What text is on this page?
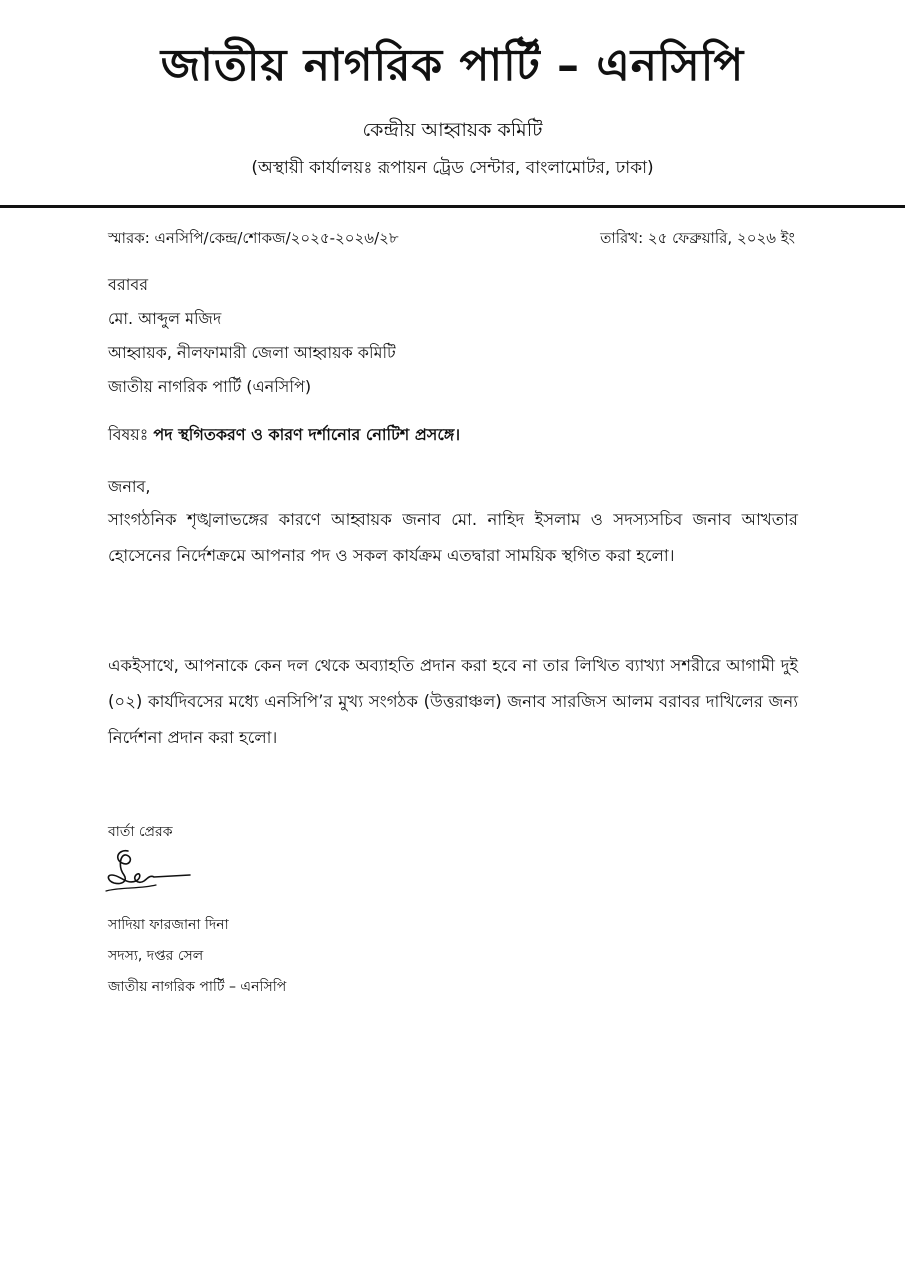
জাতীয় নাগরিক পার্টি – এনসিপি
কেন্দ্রীয় আহ্বায়ক কমিটি
(অস্থায়ী কার্যালয়ঃ রূপায়ন ট্রেড সেন্টার, বাংলামোটর, ঢাকা)
স্মারক: এনসিপি/কেন্দ্র/শোকজ/২০২৫-২০২৬/২৮	তারিখ: ২৫ ফেব্রুয়ারি, ২০২৬ ইং
বরাবর
মো. আব্দুল মজিদ
আহ্বায়ক, নীলফামারী জেলা আহ্বায়ক কমিটি
জাতীয় নাগরিক পার্টি (এনসিপি)
বিষয়ঃ পদ স্থগিতকরণ ও কারণ দর্শানোর নোটিশ প্রসঙ্গে।
জনাব,
সাংগঠনিক শৃঙ্খলাভঙ্গের কারণে আহ্বায়ক জনাব মো. নাহিদ ইসলাম ও সদস্যসচিব জনাব আখতার হোসেনের নির্দেশক্রমে আপনার পদ ও সকল কার্যক্রম এতদ্বারা সাময়িক স্থগিত করা হলো।
একইসাথে, আপনাকে কেন দল থেকে অব্যাহতি প্রদান করা হবে না তার লিখিত ব্যাখ্যা সশরীরে আগামী দুই (০২) কার্যদিবসের মধ্যে এনসিপি’র মুখ্য সংগঠক (উত্তরাঞ্চল) জনাব সারজিস আলম বরাবর দাখিলের জন্য নির্দেশনা প্রদান করা হলো।
বার্তা প্রেরক
সাদিয়া ফারজানা দিনা
সদস্য, দপ্তর সেল
জাতীয় নাগরিক পার্টি – এনসিপি
